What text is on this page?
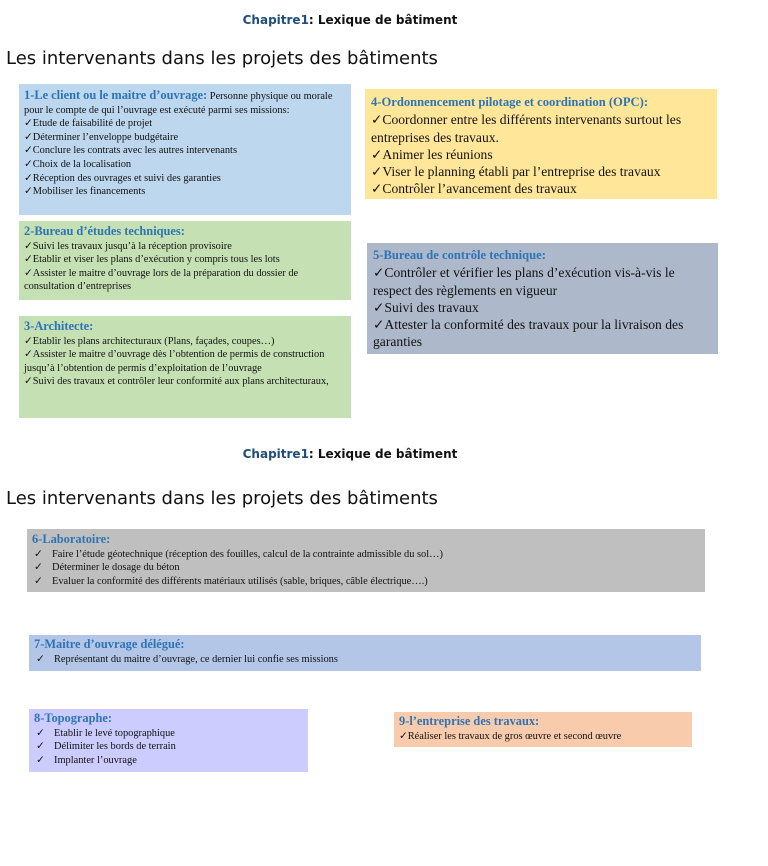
Chapitre1: Lexique de bâtiment
Les intervenants dans les projets des bâtiments
1-Le client ou le maitre d’ouvrage: Personne physique ou morale pour le compte de qui l’ouvrage est exécuté parmi ses missions:
✓ Etude de faisabilité de projet
✓ Déterminer l’enveloppe budgétaire
✓ Conclure les contrats avec les autres intervenants
✓ Choix de la localisation
✓ Réception des ouvrages et suivi des garanties
✓ Mobiliser les financements
2-Bureau d’études techniques:
✓ Suivi les travaux jusqu’à la réception provisoire
✓ Etablir et viser les plans d’exécution y compris tous les lots
✓ Assister le maitre d’ouvrage lors de la préparation du dossier de consultation d’entreprises
3-Architecte:
✓ Etablir les plans architecturaux (Plans, façades, coupes…)
✓ Assister le maitre d’ouvrage dès l’obtention de permis de construction jusqu’à l’obtention de permis d’exploitation de l’ouvrage
✓ Suivi des travaux et contrôler leur conformité aux plans architecturaux,
4-Ordonnencement pilotage et coordination (OPC):
✓ Coordonner entre les différents intervenants surtout les entreprises des travaux.
✓ Animer les réunions
✓ Viser le planning établi par l’entreprise des travaux
✓ Contrôler l’avancement des travaux
5-Bureau de contrôle technique:
✓ Contrôler et vérifier les plans d’exécution vis-à-vis le respect des règlements en vigueur
✓ Suivi des travaux
✓ Attester la conformité des travaux pour la livraison des garanties
Chapitre1: Lexique de bâtiment
Les intervenants dans les projets des bâtiments
6-Laboratoire:
✓ Faire l’étude géotechnique (réception des fouilles, calcul de la contrainte admissible du sol…)
✓ Déterminer le dosage du béton
✓ Evaluer la conformité des différents matériaux utilisés (sable, briques, câble électrique….)
7-Maitre d’ouvrage délégué:
✓ Représentant du maitre d’ouvrage, ce dernier lui confie ses missions
8-Topographe:
✓ Etablir le levé topographique
✓ Délimiter les bords de terrain
✓ Implanter l’ouvrage
9-l’entreprise des travaux:
✓ Réaliser les travaux de gros œuvre et second œuvre
